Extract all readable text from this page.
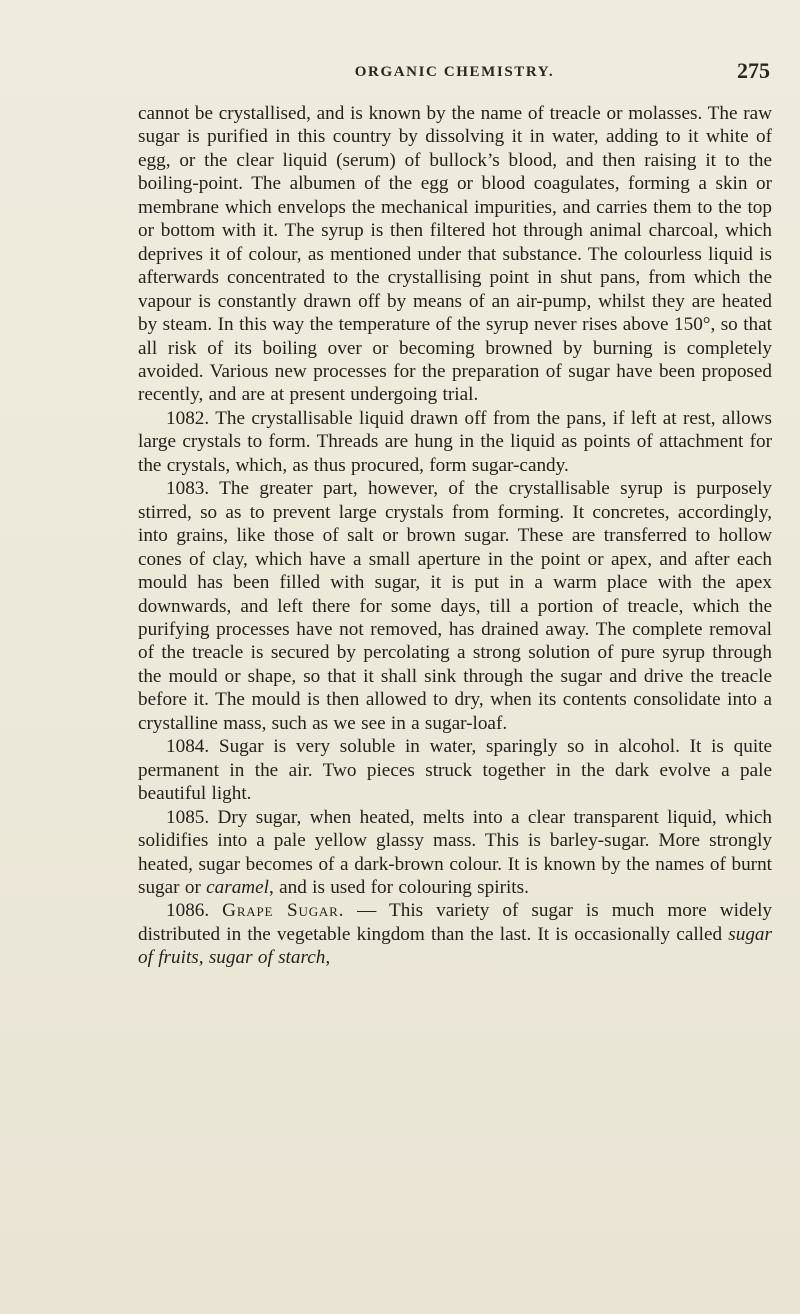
ORGANIC CHEMISTRY.	275

cannot be crystallised, and is known by the name of treacle or molasses. The raw sugar is purified in this country by dissolving it in water, adding to it white of egg, or the clear liquid (serum) of bullock’s blood, and then raising it to the boiling-point. The albumen of the egg or blood coagulates, forming a skin or membrane which envelops the mechanical impurities, and carries them to the top or bottom with it. The syrup is then filtered hot through animal charcoal, which deprives it of colour, as mentioned under that substance. The colourless liquid is afterwards concentrated to the crystallising point in shut pans, from which the vapour is constantly drawn off by means of an air-pump, whilst they are heated by steam. In this way the temperature of the syrup never rises above 150°, so that all risk of its boiling over or becoming browned by burning is completely avoided. Various new processes for the preparation of sugar have been proposed recently, and are at present undergoing trial.

1082. The crystallisable liquid drawn off from the pans, if left at rest, allows large crystals to form. Threads are hung in the liquid as points of attachment for the crystals, which, as thus procured, form sugar-candy.

1083. The greater part, however, of the crystallisable syrup is purposely stirred, so as to prevent large crystals from forming. It concretes, accordingly, into grains, like those of salt or brown sugar. These are transferred to hollow cones of clay, which have a small aperture in the point or apex, and after each mould has been filled with sugar, it is put in a warm place with the apex downwards, and left there for some days, till a portion of treacle, which the purifying processes have not removed, has drained away. The complete removal of the treacle is secured by percolating a strong solution of pure syrup through the mould or shape, so that it shall sink through the sugar and drive the treacle before it. The mould is then allowed to dry, when its contents consolidate into a crystalline mass, such as we see in a sugar-loaf.

1084. Sugar is very soluble in water, sparingly so in alcohol. It is quite permanent in the air. Two pieces struck together in the dark evolve a pale beautiful light.

1085. Dry sugar, when heated, melts into a clear transparent liquid, which solidifies into a pale yellow glassy mass. This is barley-sugar. More strongly heated, sugar becomes of a dark-brown colour. It is known by the names of burnt sugar or caramel, and is used for colouring spirits.

1086. Grape Sugar. — This variety of sugar is much more widely distributed in the vegetable kingdom than the last. It is occasionally called sugar of fruits, sugar of starch,
